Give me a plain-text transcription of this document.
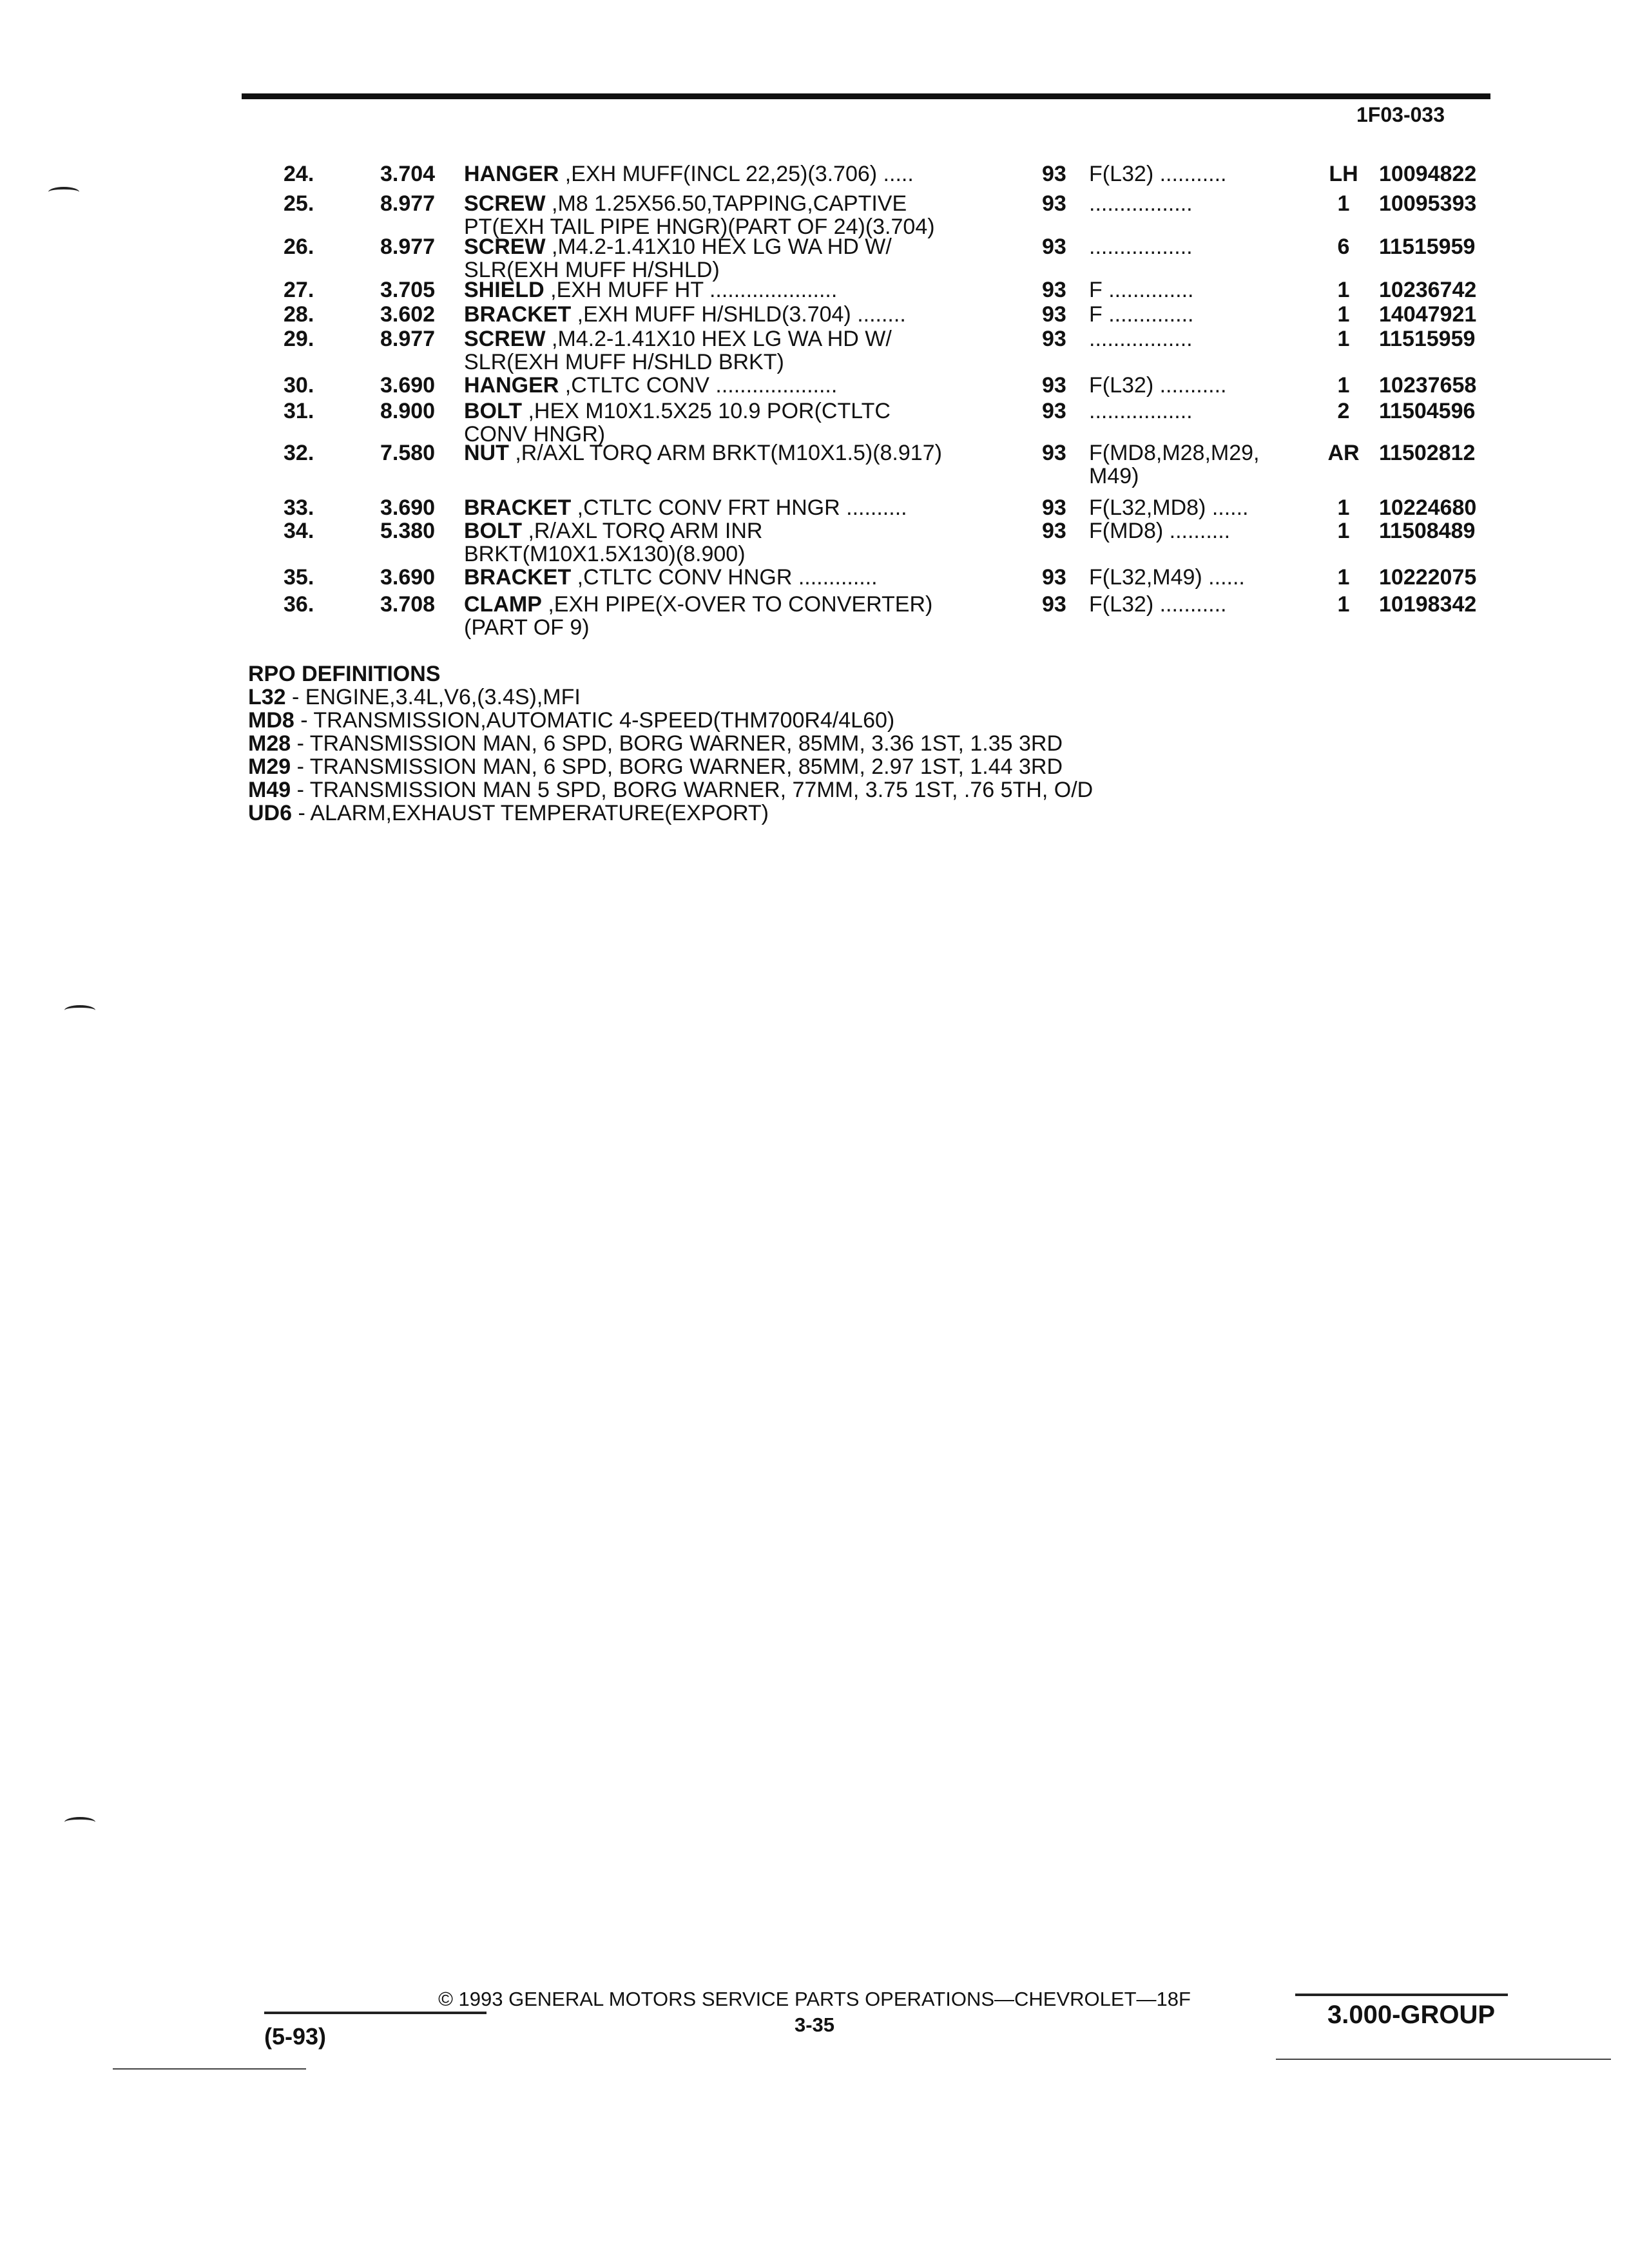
1F03-033
24.	3.704 HANGER ,EXH MUFF(INCL 22,25)(3.706) .....	93 F(L32) ...........	LH 10094822
25.	8.977 SCREW ,M8 1.25X56.50,TAPPING,CAPTIVE
PT(EXH TAIL PIPE HNGR)(PART OF 24)(3.704)
93 .................	1	10095393
26.	8.977 SCREW ,M4.2-1.41X10 HEX LG WA HD W/
SLR(EXH MUFF H/SHLD)
93 .................	6	11515959
27.	3.705 SHIELD ,EXH MUFF HT .....................	93 F ..............	1	10236742
28.	3.602 BRACKET ,EXH MUFF H/SHLD(3.704) ........	93 F ..............	1	14047921
29.	8.977 SCREW ,M4.2-1.41X10 HEX LG WA HD W/
SLR(EXH MUFF H/SHLD BRKT)
93 .................	1	11515959
30.	3.690 HANGER ,CTLTC CONV ....................	93 F(L32) ...........	1	10237658
31.	8.900 BOLT ,HEX M10X1.5X25 10.9 POR(CTLTC
CONV HNGR)
93 .................	2	11504596
32.	7.580 NUT ,R/AXL TORQ ARM BRKT(M10X1.5)(8.917)	93 F(MD8,M28,M29,
M49)
AR 11502812
33.	3.690 BRACKET ,CTLTC CONV FRT HNGR ..........	93 F(L32,MD8) ......	1	10224680
34.	5.380 BOLT ,R/AXL TORQ ARM INR
BRKT(M10X1.5X130)(8.900)
93 F(MD8) ..........	1	11508489
35.	3.690 BRACKET ,CTLTC CONV HNGR .............	93 F(L32,M49) ......	1	10222075
36.	3.708 CLAMP ,EXH PIPE(X-OVER TO CONVERTER)
(PART OF 9)
93 F(L32) ...........	1	10198342
RPO DEFINITIONS
L32 - ENGINE,3.4L,V6,(3.4S),MFI
MD8 - TRANSMISSION,AUTOMATIC 4-SPEED(THM700R4/4L60)
M28 - TRANSMISSION MAN, 6 SPD, BORG WARNER, 85MM, 3.36 1ST, 1.35 3RD
M29 - TRANSMISSION MAN, 6 SPD, BORG WARNER, 85MM, 2.97 1ST, 1.44 3RD
M49 - TRANSMISSION MAN 5 SPD, BORG WARNER, 77MM, 3.75 1ST, .76 5TH, O/D
UD6 - ALARM,EXHAUST TEMPERATURE(EXPORT)
(5-93)
© 1993 GENERAL MOTORS SERVICE PARTS OPERATIONS—CHEVROLET—18F
3-35	3.000-GROUP
